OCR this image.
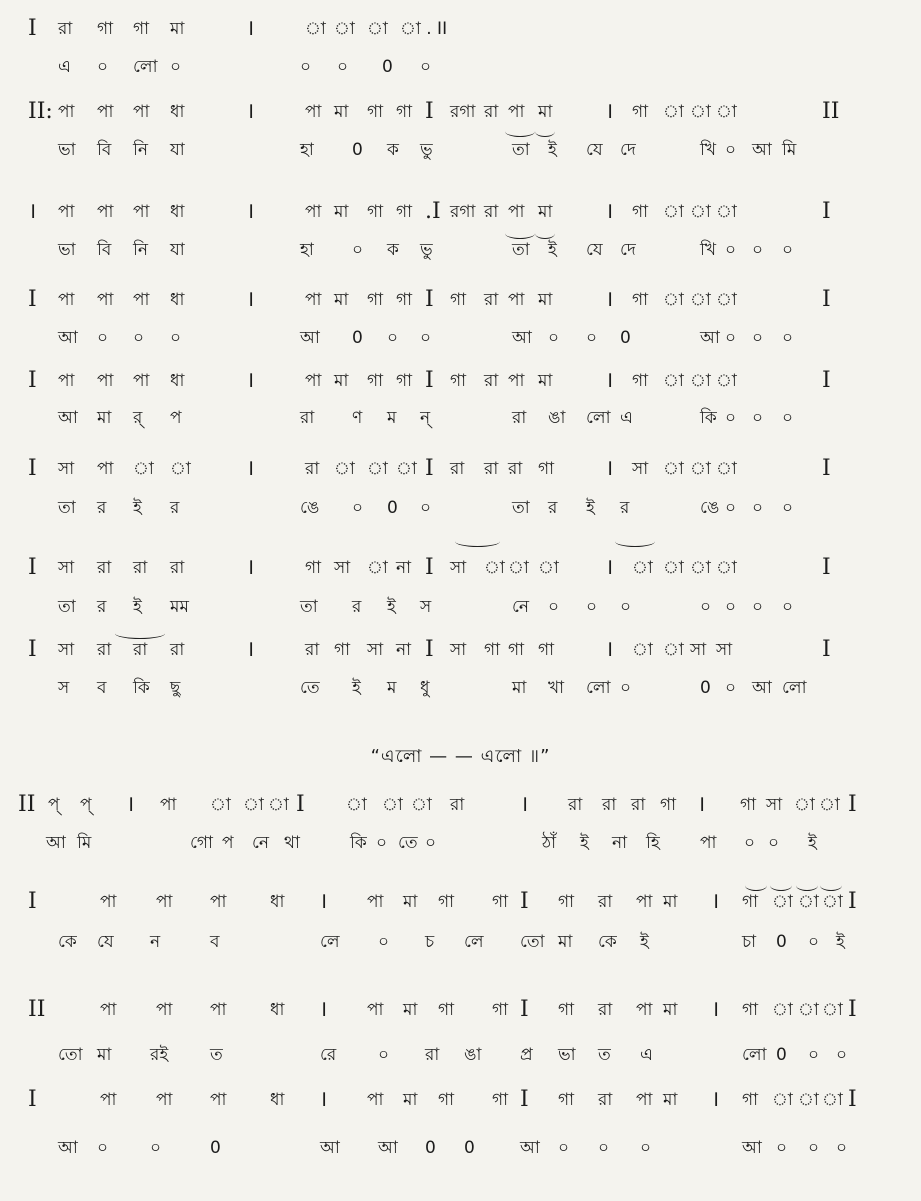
I রা গা গা মা	।	া া া া . II
এ ০ লো ০	০ ০ 0 ০
II: পা পা পা ধা	।	পা মা গা গা I রগা রা পা মা । গা া া া	II
ভা বি নি যা	হা 0 ক ভু	তা ই যে দে	খি ০ আ মি
। পা পা পা ধা	।	পা মা গা গা .I রগা রা পা মা । গা া া া	I
ভা বি নি যা	হা ০ ক ভু	তা ই যে দে	খি ০ ০ ০
I পা পা পা ধা	।	পা মা গা গা I গা রা পা মা । গা া া া	I
আ ০ ০ ০	আ 0 ০ ০	আ ০ ০ 0	আ ০ ০ ০
I পা পা পা ধা	।	পা মা গা গা I গা রা পা মা । গা া া া	I
আ মা র্ প	রা ণ ম ন্	রা ঙা লো এ	কি ০ ০ ০
I সা পা া া	।	রা া া া I রা রা রা গা । সা া া া	I
তা র ই র	ঙে ০ 0 ০	তা র ই র	ঙে ০ ০ ০
I সা রা রা রা	।	গা সা া না I সা া া া । া া া া	I
তা র ই মম	তা র ই স	নে ০ ০ ০	০ ০ ০ ০
I সা রা রা রা	।	রা গা সা না I সা গা গা গা । া া সা সা	I
স ব কি ছু	তে ই ম ধু	মা খা লো ০	0 ০ আ লো
II প্ প্ । পা া া া I া া া রা	। রা রা রা গা । গা সা া া I
আ মি	গো প নে থা	কি ০ তে ০	ঠাঁ ই না হি পা ০ ০ ই
I	পা পা পা	ধা । পা মা গা গা I গা রা পা মা । গা া া া I
কে যে ন	ব	লে ০ চ লে তো মা কে ই	চা 0 ০ ই
II	পা পা পা	ধা । পা মা গা গা I গা রা পা মা । গা া া া I
তো মা রই ত	রে ০ রা ঙা প্র ভা ত এ	লো 0 ০ ০
I	পা পা পা	ধা । পা মা গা গা I গা রা পা মা । গা া া া I
আ ০ ০	0	আ আ 0 0	আ ০ ০ ০	আ ০ ০ ০
“এলো — — এলো ॥”
